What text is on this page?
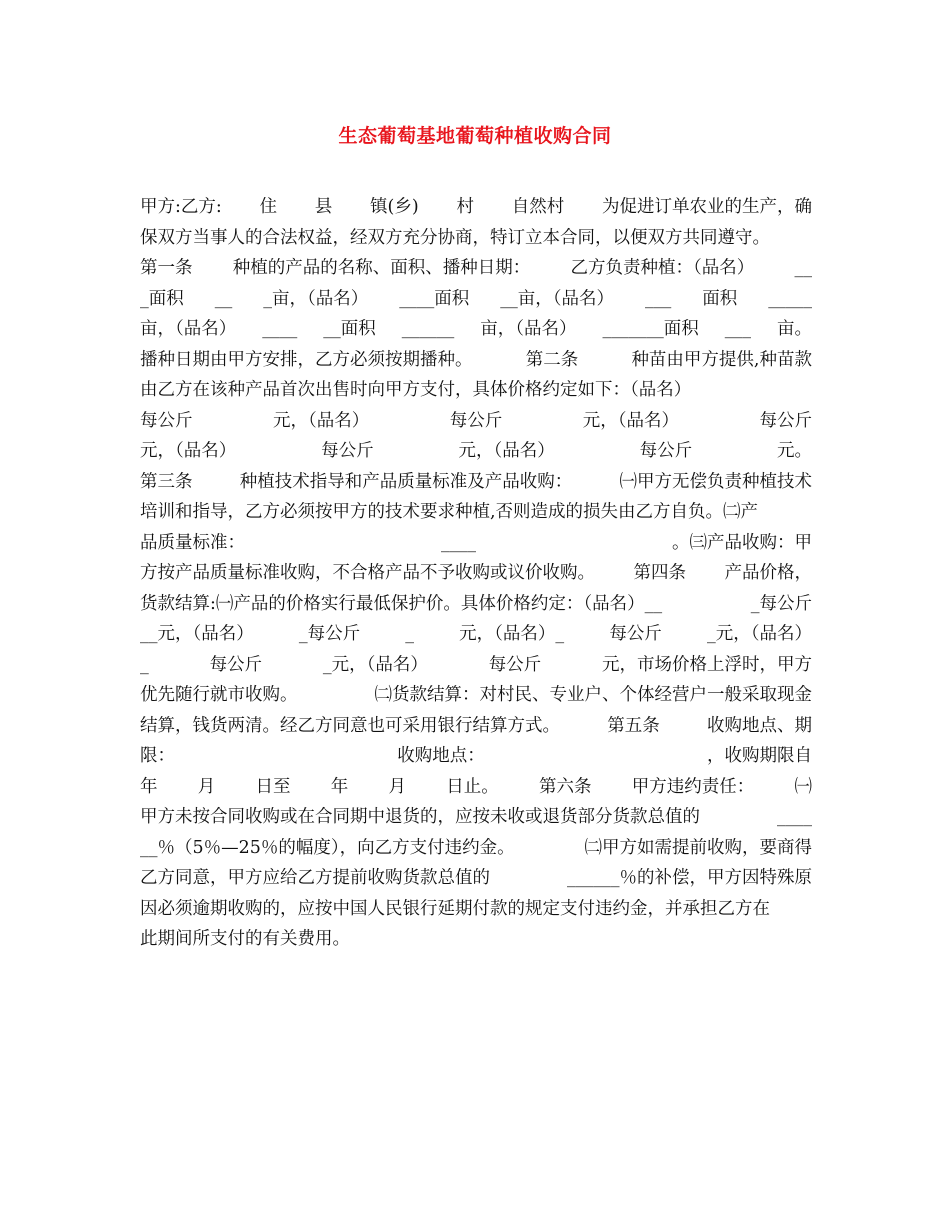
生态葡萄基地葡萄种植收购合同
甲方:乙方: 住 县 镇(乡) 村 自然村 为促进订单农业的生产，确
保双方当事人的合法权益，经双方充分协商，特订立本合同，以便双方共同遵守。
第一条 种植的产品的名称、面积、播种日期： 乙方负责种植：（品名） __
_面积 __ _亩，（品名） ____面积 __亩，（品名） ___ 面积 _____
亩，（品名） ____ __面积 ______ 亩，（品名） _______面积 ___ 亩。
播种日期由甲方安排，乙方必须按期播种。	第二条	种苗由甲方提供,种苗款
由乙方在该种产品首次出售时向甲方支付，具体价格约定如下：（品名）
每公斤	元，（品名）	每公斤	元，（品名）	每公斤
元，（品名）	每公斤	元，（品名）	每公斤	元。
第三条	种植技术指导和产品质量标准及产品收购：	㈠甲方无偿负责种植技术
培训和指导，乙方必须按甲方的技术要求种植,否则造成的损失由乙方自负。㈡产
品质量标准：	____	。㈢产品收购：甲
方按产品质量标准收购，不合格产品不予收购或议价收购。 第四条 产品价格，
货款结算:㈠产品的价格实行最低保护价。具体价格约定：（品名）__	_每公斤
__元，（品名）	_每公斤	_	元，（品名）_	每公斤	_元，（品名）
_	每公斤	_元，（品名）	每公斤	元，市场价格上浮时，甲方
优先随行就市收购。	㈡货款结算：对村民、专业户、个体经营户一般采取现金
结算，钱货两清。经乙方同意也可采用银行结算方式。	第五条	收购地点、期
限：	收购地点：	，收购期限自
年 月 日至 年 月 日止。 第六条 甲方违约责任： ㈠
甲方未按合同收购或在合同期中退货的，应按未收或退货部分货款总值的	____
__％（5％—25％的幅度），向乙方支付违约金。	㈡甲方如需提前收购，要商得
乙方同意，甲方应给乙方提前收购货款总值的	______％的补偿，甲方因特殊原
因必须逾期收购的，应按中国人民银行延期付款的规定支付违约金，并承担乙方在
此期间所支付的有关费用。
